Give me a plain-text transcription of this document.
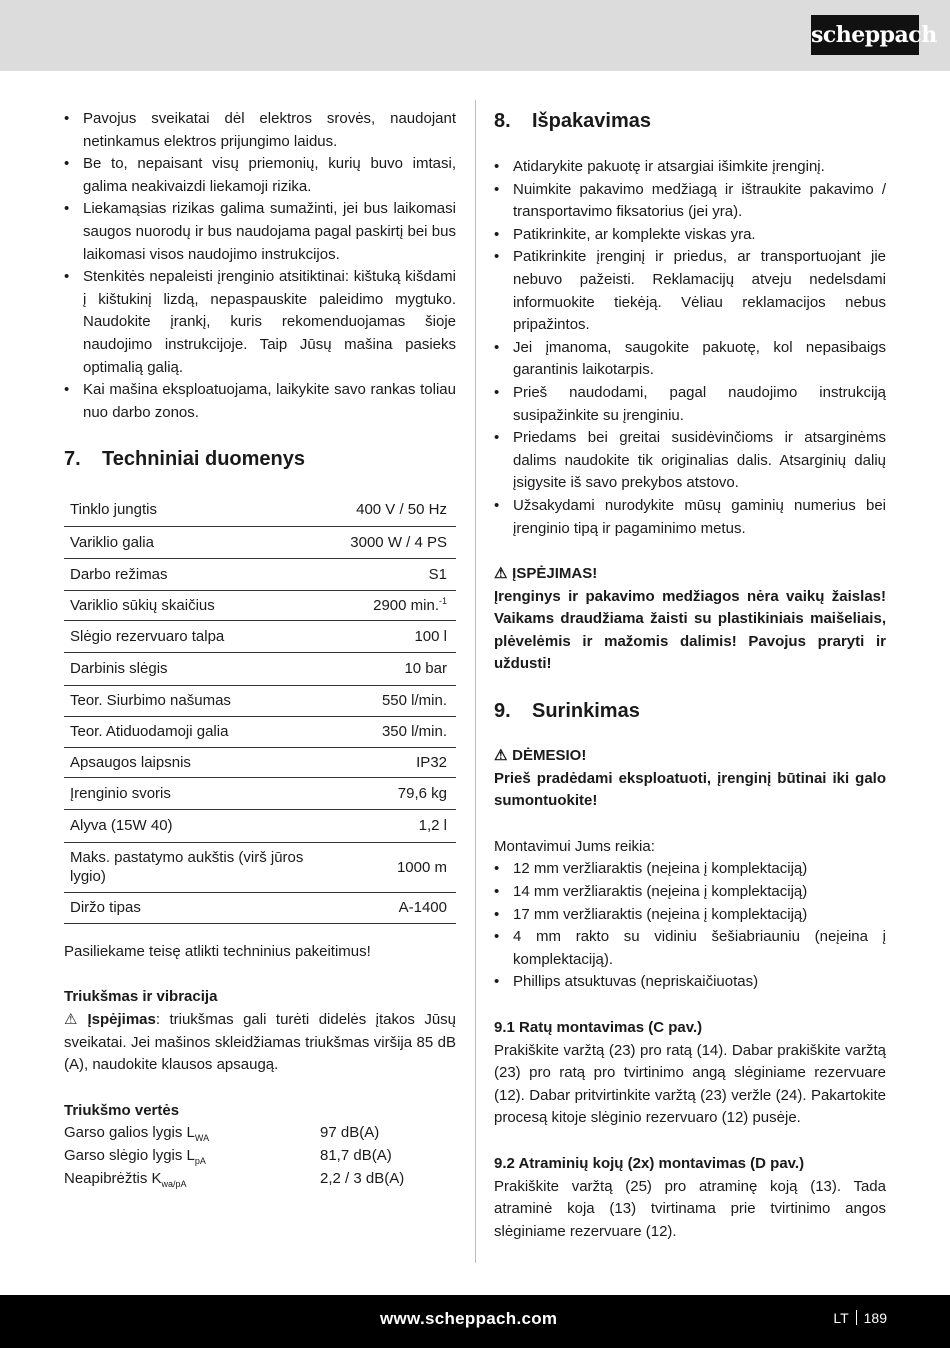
scheppach
• Pavojus sveikatai dėl elektros srovės, naudojant netinkamus elektros prijungimo laidus.
• Be to, nepaisant visų priemonių, kurių buvo imtasi, galima neakivaizdi liekamoji rizika.
• Liekamąsias rizikas galima sumažinti, jei bus laikomasi saugos nuorodų ir bus naudojama pagal paskirtį bei bus laikomasi visos naudojimo instrukcijos.
• Stenkitės nepaleisti įrenginio atsitiktinai: kištuką kišdami į kištukinį lizdą, nepaspauskite paleidimo mygtuko. Naudokite įrankį, kuris rekomenduojamas šioje naudojimo instrukcijoje. Taip Jūsų mašina pasieks optimalią galią.
• Kai mašina eksploatuojama, laikykite savo rankas toliau nuo darbo zonos.
7.	Techniniai duomenys
Tinklo jungtis	400 V / 50 Hz
Variklio galia	3000 W / 4 PS
Darbo režimas	S1
Variklio sūkių skaičius	2900 min.$^{-1}$
Slėgio rezervuaro talpa	100 l
Darbinis slėgis	10 bar
Teor. Siurbimo našumas	550 l/min.
Teor. Atiduodamoji galia	350 l/min.
Apsaugos laipsnis	IP32
Įrenginio svoris	79,6 kg
Alyva (15W 40)	1,2 l
Maks. pastatymo aukštis (virš jūros lygio)	1000 m
Diržo tipas	A-1400

Pasiliekame teisę atlikti techninius pakeitimus!

Triukšmas ir vibracija

⚠ Įspėjimas: triukšmas gali turėti didelės įtakos Jūsų sveikatai. Jei mašinos skleidžiamas triukšmas viršija 85 dB (A), naudokite klausos apsaugą.

Triukšmo vertės

Garso galios lygis $L_{WA}$	97 dB(A)
Garso slėgio lygis $L_{pA}$	81,7 dB(A)
Neapibrėžtis $K_{wa/pA}$	2,2 / 3 dB(A)
8.	Išpakavimas
• Atidarykite pakuotę ir atsargiai išimkite įrenginį.
• Nuimkite pakavimo medžiagą ir ištraukite pakavimo / transportavimo fiksatorius (jei yra).
• Patikrinkite, ar komplekte viskas yra.
• Patikrinkite įrenginį ir priedus, ar transportuojant jie nebuvo pažeisti. Reklamacijų atveju nedelsdami informuokite tiekėją. Vėliau reklamacijos nebus pripažintos.
• Jei įmanoma, saugokite pakuotę, kol nepasibaigs garantinis laikotarpis.
• Prieš naudodami, pagal naudojimo instrukciją susipažinkite su įrenginiu.
• Priedams bei greitai susidėvinčioms ir atsarginėms dalims naudokite tik originalias dalis. Atsarginių dalių įsigysite iš savo prekybos atstovo.
• Užsakydami nurodykite mūsų gaminių numerius bei įrenginio tipą ir pagaminimo metus.

⚠ ĮSPĖJIMAS!

Įrenginys ir pakavimo medžiagos nėra vaikų žaislas! Vaikams draudžiama žaisti su plastikiniais maišeliais, plėvelėmis ir mažomis dalimis! Pavojus praryti ir uždusti!

9.	Surinkimas

⚠ DĖMESIO!

Prieš pradėdami eksploatuoti, įrenginį būtinai iki galo sumontuokite!

Montavimui Jums reikia:

• 12 mm veržliaraktis (neįeina į komplektaciją)
• 14 mm veržliaraktis (neįeina į komplektaciją)
• 17 mm veržliaraktis (neįeina į komplektaciją)
• 4 mm rakto su vidiniu šešiabriauniu (neįeina į komplektaciją).
• Phillips atsuktuvas (nepriskaičiuotas)

9.1 Ratų montavimas (C pav.)

Prakiškite varžtą (23) pro ratą (14). Dabar prakiškite varžtą (23) pro ratą pro tvirtinimo angą slėginiame rezervuare (12). Dabar pritvirtinkite varžtą (23) veržle (24). Pakartokite procesą kitoje slėginio rezervuaro (12) pusėje.

9.2 Atraminių kojų (2x) montavimas (D pav.)

Prakiškite varžtą (25) pro atraminę koją (13). Tada atraminė koja (13) tvirtinama prie tvirtinimo angos slėginiame rezervuare (12).

www.scheppach.com	LT 189
